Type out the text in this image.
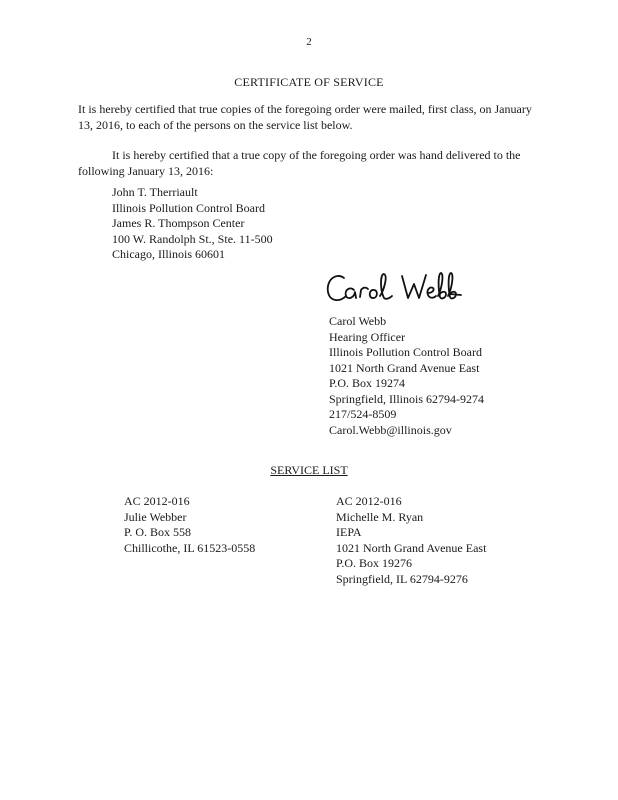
2
CERTIFICATE OF SERVICE
It is hereby certified that true copies of the foregoing order were mailed, first class, on January 13, 2016, to each of the persons on the service list below.
It is hereby certified that a true copy of the foregoing order was hand delivered to the following January 13, 2016:
John T. Therriault
Illinois Pollution Control Board
James R. Thompson Center
100 W. Randolph St., Ste. 11-500
Chicago, Illinois 60601
Carol Webb
Hearing Officer
Illinois Pollution Control Board
1021 North Grand Avenue East
P.O. Box 19274
Springfield, Illinois 62794-9274
217/524-8509
Carol.Webb@illinois.gov
SERVICE LIST
AC 2012-016
Julie Webber
P. O. Box 558
Chillicothe, IL 61523-0558
AC 2012-016
Michelle M. Ryan
IEPA
1021 North Grand Avenue East
P.O. Box 19276
Springfield, IL 62794-9276
